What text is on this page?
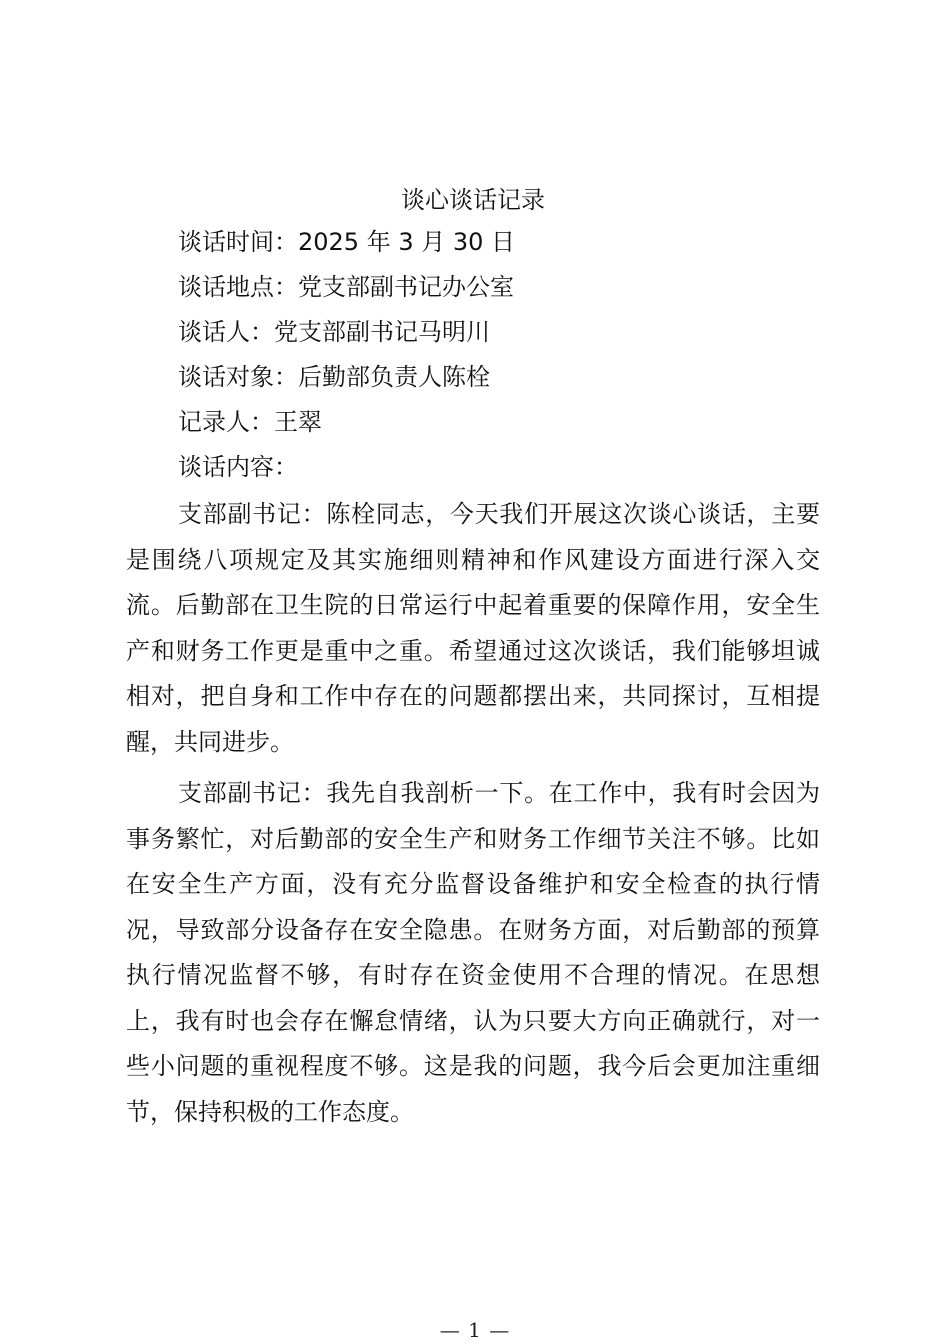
谈心谈话记录

谈话时间：2025 年 3 月 30 日

谈话地点：党支部副书记办公室

谈话人：党支部副书记马明川

谈话对象：后勤部负责人陈栓

记录人：王翠

谈话内容：

支部副书记：陈栓同志，今天我们开展这次谈心谈话，主要是围绕八项规定及其实施细则精神和作风建设方面进行深入交流。后勤部在卫生院的日常运行中起着重要的保障作用，安全生产和财务工作更是重中之重。希望通过这次谈话，我们能够坦诚相对，把自身和工作中存在的问题都摆出来，共同探讨，互相提醒，共同进步。

支部副书记：我先自我剖析一下。在工作中，我有时会因为事务繁忙，对后勤部的安全生产和财务工作细节关注不够。比如在安全生产方面，没有充分监督设备维护和安全检查的执行情况，导致部分设备存在安全隐患。在财务方面，对后勤部的预算执行情况监督不够，有时存在资金使用不合理的情况。在思想上，我有时也会存在懈怠情绪，认为只要大方向正确就行，对一些小问题的重视程度不够。这是我的问题，我今后会更加注重细节，保持积极的工作态度。

— 1 —
